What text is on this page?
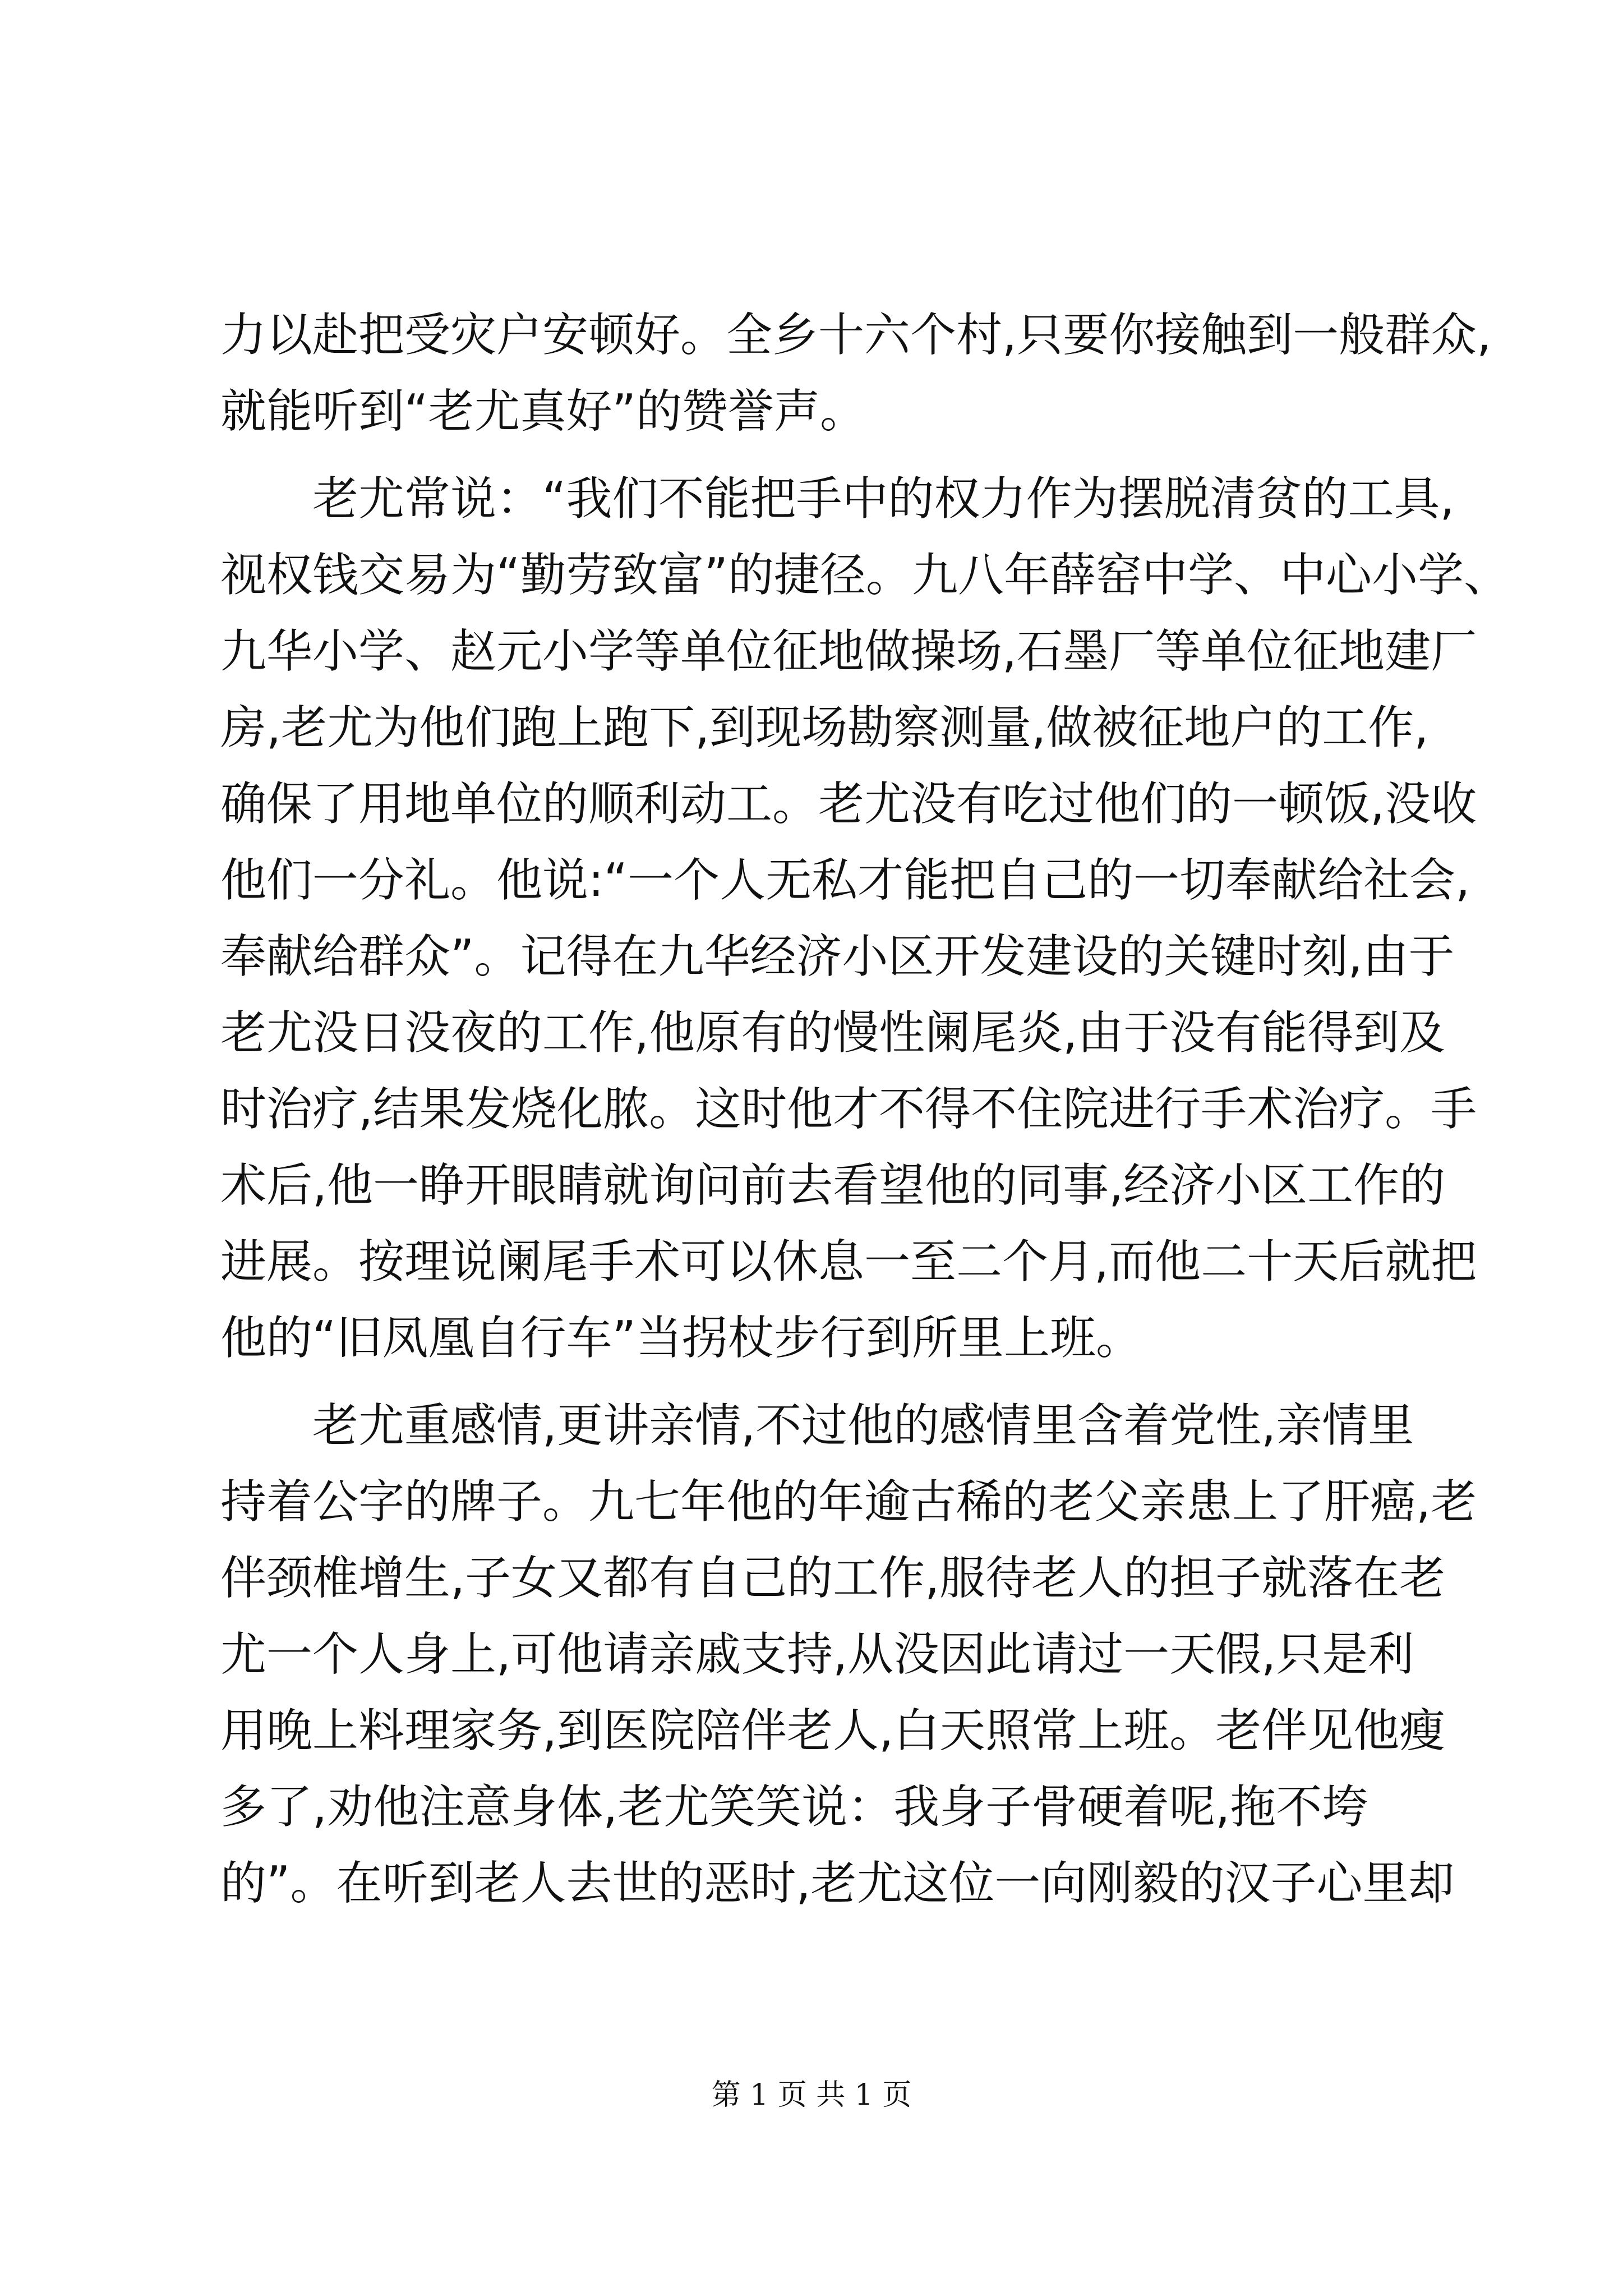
力以赴把受灾户安顿好。全乡十六个村,只要你接触到一般群众,
就能听到“老尤真好”的赞誉声。
　　老尤常说：“我们不能把手中的权力作为摆脱清贫的工具,
视权钱交易为“勤劳致富”的捷径。九八年薛窑中学、中心小学、
九华小学、赵元小学等单位征地做操场,石墨厂等单位征地建厂
房,老尤为他们跑上跑下,到现场勘察测量,做被征地户的工作,
确保了用地单位的顺利动工。老尤没有吃过他们的一顿饭,没收
他们一分礼。他说:“一个人无私才能把自己的一切奉献给社会,
奉献给群众”。记得在九华经济小区开发建设的关键时刻,由于
老尤没日没夜的工作,他原有的慢性阑尾炎,由于没有能得到及
时治疗,结果发烧化脓。这时他才不得不住院进行手术治疗。手
术后,他一睁开眼睛就询问前去看望他的同事,经济小区工作的
进展。按理说阑尾手术可以休息一至二个月,而他二十天后就把
他的“旧凤凰自行车”当拐杖步行到所里上班。
　　老尤重感情,更讲亲情,不过他的感情里含着党性,亲情里
持着公字的牌子。九七年他的年逾古稀的老父亲患上了肝癌,老
伴颈椎增生,子女又都有自己的工作,服待老人的担子就落在老
尤一个人身上,可他请亲戚支持,从没因此请过一天假,只是利
用晚上料理家务,到医院陪伴老人,白天照常上班。老伴见他瘦
多了,劝他注意身体,老尤笑笑说：我身子骨硬着呢,拖不垮
的”。在听到老人去世的恶时,老尤这位一向刚毅的汉子心里却
第 1 页 共 1 页
